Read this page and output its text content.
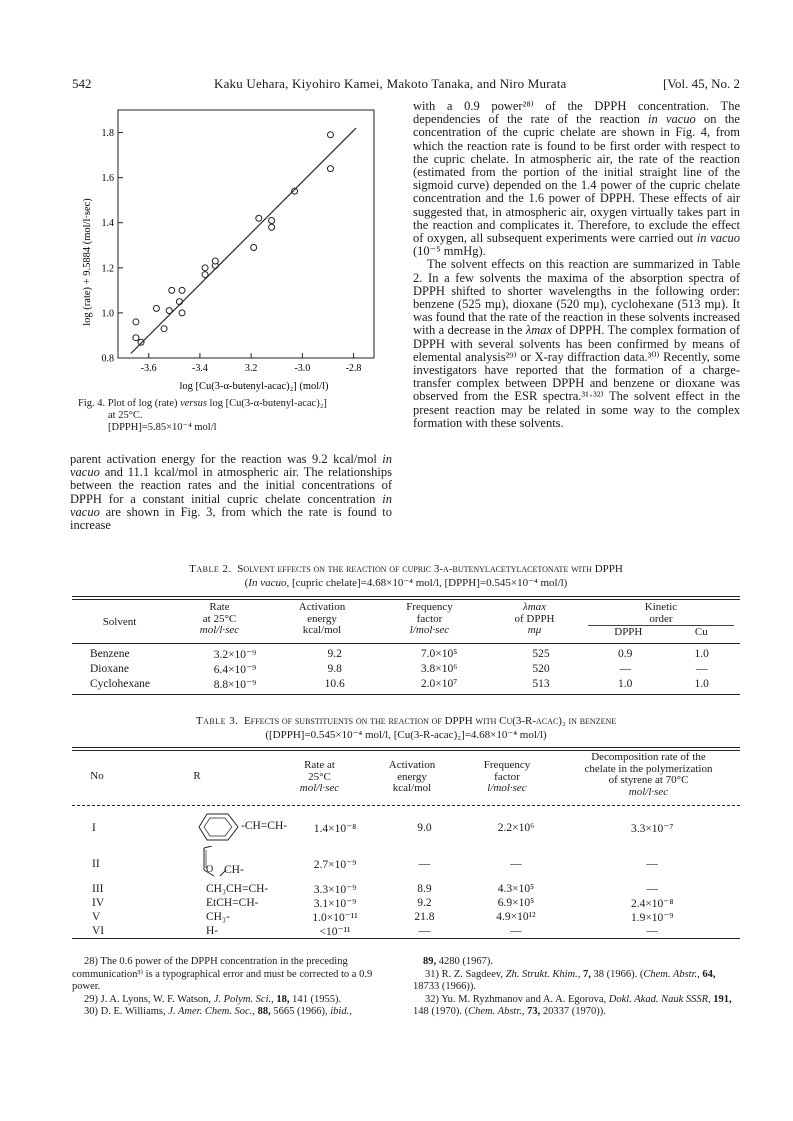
542	Kaku Uehara, Kiyohiro Kamei, Makoto Tanaka, and Niro Murata	[Vol. 45, No. 2
-3.6	-3.4	3.2	-3.0	-2.8
0.8
1.0
1.2
1.4
1.6
1.8
log [Cu(3-α-butenyl-acac)₂] (mol/l)
log (rate) + 9.5884 (mol/l·sec)
Fig. 4. Plot of log (rate) versus log [Cu(3-α-butenyl-acac)₂]
at 25°C.
[DPPH]=5.85×10⁻⁴ mol/l

with a 0.9 power²⁸⁾ of the DPPH concentration. The dependencies of the rate of the reaction in vacuo on the concentration of the cupric chelate are shown in Fig. 4, from which the reaction rate is found to be first order with respect to the cupric chelate. In atmospheric air, the rate of the reaction (estimated from the portion of the initial straight line of the sigmoid curve) depended on the 1.4 power of the cupric chelate concentration and the 1.6 power of DPPH. These effects of air suggested that, in atmospheric air, oxygen virtually takes part in the reaction and complicates it. Therefore, to exclude the effect of oxygen, all subsequent experiments were carried out in vacuo (10⁻⁵ mmHg).

The solvent effects on this reaction are summarized in Table 2. In a few solvents the maxima of the absorption spectra of DPPH shifted to shorter wavelengths in the following order: benzene (525 mμ), dioxane (520 mμ), cyclohexane (513 mμ). It was found that the rate of the reaction in these solvents increased with a decrease in the λmax of DPPH. The complex formation of DPPH with several solvents has been confirmed by means of elemental analysis²⁹⁾ or X-ray diffraction data.³⁰⁾ Recently, some investigators have reported that the formation of a charge-transfer complex between DPPH and benzene or dioxane was observed from the ESR spectra.³¹·³²⁾ The solvent effect in the present reaction may be related in some way to the complex formation with these solvents.

parent activation energy for the reaction was 9.2 kcal/mol in vacuo and 11.1 kcal/mol in atmospheric air. The relationships between the reaction rates and the initial concentrations of DPPH for a constant initial cupric chelate concentration in vacuo are shown in Fig. 3, from which the rate is found to increase

Table 2. Solvent effects on the reaction of cupric 3-α-butenylacetylacetonate with DPPH
(In vacuo, [cupric chelate]=4.68×10⁻⁴ mol/l, [DPPH]=0.545×10⁻⁴ mol/l)
Solvent	
Rate
at 25°C
mol/l·sec

Activation
energy
kcal/mol

Frequency
factor
l/mol·sec

λmax
of DPPH
mμ

Kinetic
order
DPPH	Cu
Benzene	3.2×10⁻⁹	9.2	7.0×10⁵	525	0.9	1.0
Dioxane	6.4×10⁻⁹	9.8	3.8×10⁶	520	—	—
Cyclohexane	8.8×10⁻⁹	10.6	2.0×10⁷	513	1.0	1.0
Table 3. Effects of substituents on the reaction of DPPH with Cu(3-R-acac)₂ in benzene
([DPPH]=0.545×10⁻⁴ mol/l, [Cu(3-R-acac)₂]=4.68×10⁻⁴ mol/l)
No	R	
Rate at
25°C
mol/l·sec

Activation
energy
kcal/mol

Frequency
factor
l/mol·sec

Decomposition rate of the
chelate in the polymerization
of styrene at 70°C
mol/l·sec
I	-CH=CH-	1.4×10⁻⁸	9.0	2.2×10⁶	3.3×10⁻⁷
II	O CH-	2.7×10⁻⁹	—	—	—
III	CH₃CH=CH-	3.3×10⁻⁹	8.9	4.3×10⁵	—
IV	EtCH=CH-	3.1×10⁻⁹	9.2	6.9×10⁵	2.4×10⁻⁸
V	CH₃-	1.0×10⁻¹¹	21.8	4.9×10¹²	1.9×10⁻⁹
VI	H-	<10⁻¹¹	—	—	—

28) The 0.6 power of the DPPH concentration in the preceding communication³⁾ is a typographical error and must be corrected to a 0.9 power.

29) J. A. Lyons, W. F. Watson, J. Polym. Sci., 18, 141 (1955).

30) D. E. Williams, J. Amer. Chem. Soc., 88, 5665 (1966), ibid.,

89, 4280 (1967).

31) R. Z. Sagdeev, Zh. Strukt. Khim., 7, 38 (1966). (Chem. Abstr., 64, 18733 (1966)).

32) Yu. M. Ryzhmanov and A. A. Egorova, Dokl. Akad. Nauk SSSR, 191, 148 (1970). (Chem. Abstr., 73, 20337 (1970)).
